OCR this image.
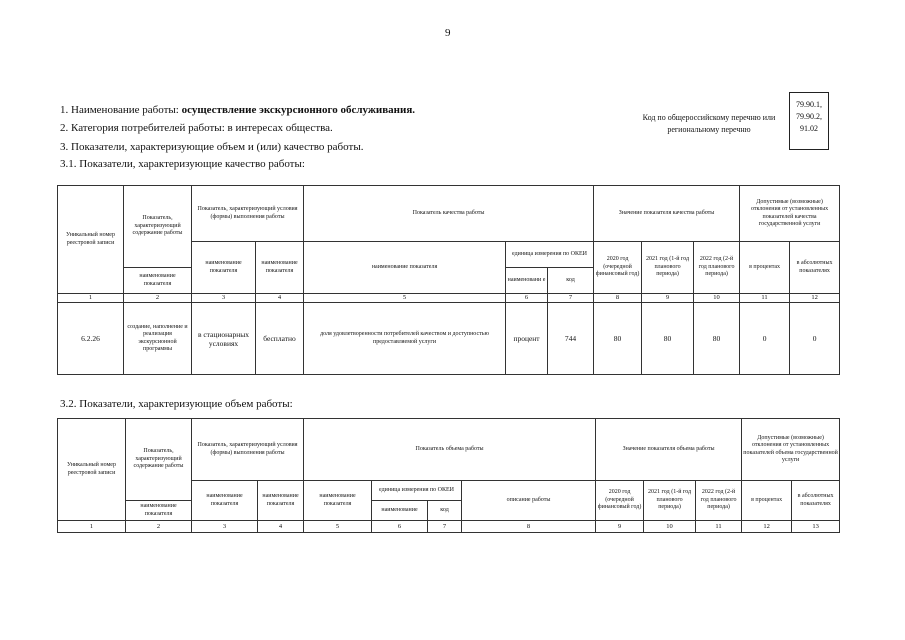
9
1. Наименование работы: осуществление экскурсионного обслуживания.
2. Категория потребителей работы: в интересах общества.
3. Показатели, характеризующие объем и (или) качество работы.
3.1. Показатели, характеризующие качество работы:
Код по общероссийскому перечню или региональному перечню
79.90.1,
79.90.2,
91.02
Уникальный номер реестровой записи	Показатель, характеризующий содержание работы	Показатель, характеризующий условия (формы) выполнения работы		Показатель качества работы			Значение показателя качества работы			Допустимые (возможные) отклонения от установленных показателей качества государственной услуги	
		наименование показателя	наименование показателя	наименование показателя	единица измерения по ОКЕИ		2020 год (очередной финансовый год)	2021 год (1-й год планового периода)	2022 год (2-й год планового периода)	в процентах	в абсолютных показателях
	наименование показателя				наименовани е	код					
1	2	3	4	5	6	7	8	9	10	11	12
6.2.26	создание, наполнение и реализация экскурсионной программы	в стационарных условиях	бесплатно	доля удовлетворенности потребителей качеством и доступностью предоставляемой услуги	процент	744	80	80	80	0	0
3.2. Показатели, характеризующие объем работы:
Уникальный номер реестровой записи	Показатель, характеризующий содержание работы	Показатель, характеризующий условия (формы) выполнения работы		Показатель объема работы				Значение показателя объема работы			Допустимые (возможные) отклонения от установленных показателей объема государственной услуги	
		наименование показателя	наименование показателя	наименование показателя	единица измерения по ОКЕИ		описание работы	2020 год (очередной финансовый год)	2021 год (1-й год планового периода)	2022 год (2-й год планового периода)	в процентах	в абсолютных показателях
	наименование показателя				наименование	код						
1	2	3	4	5	6	7	8	9	10	11	12	13
